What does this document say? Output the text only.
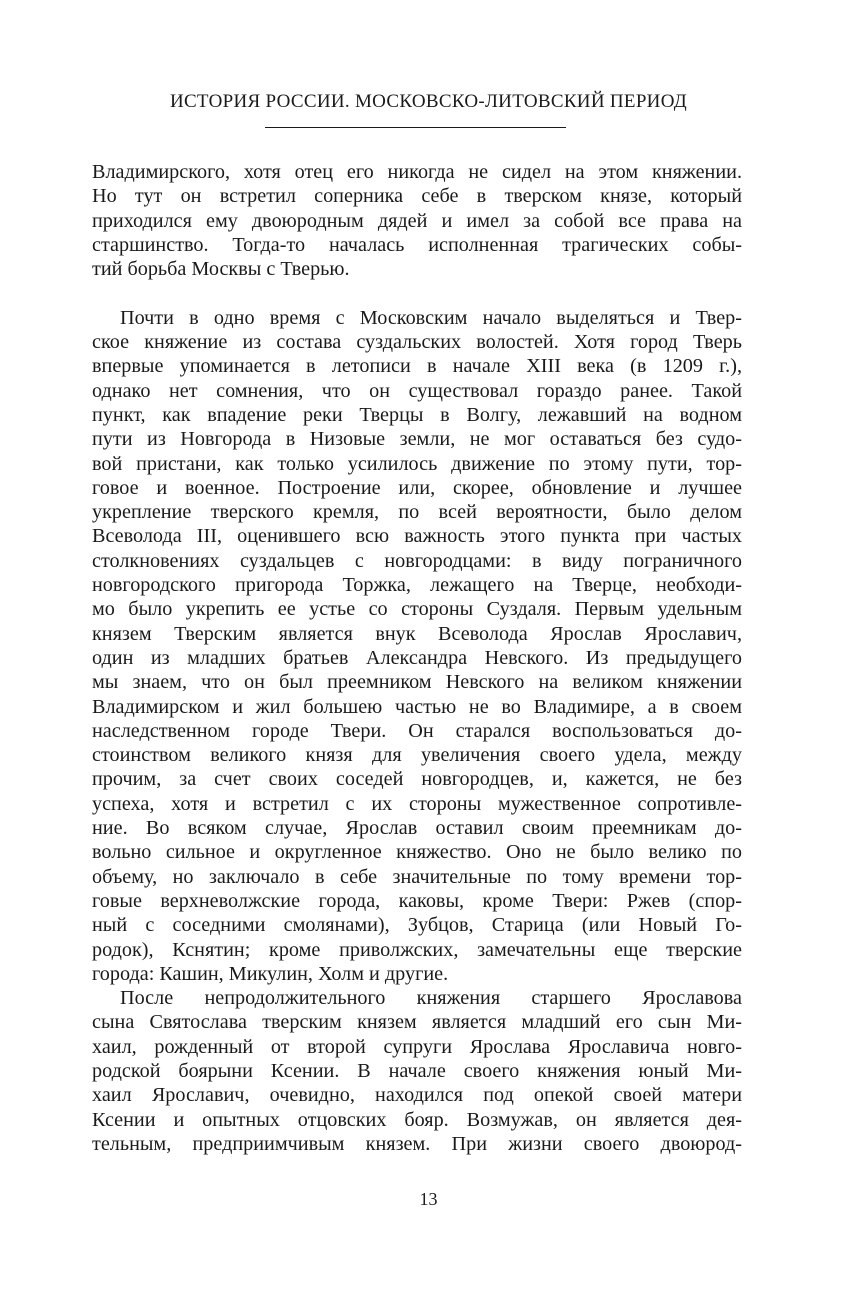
ИСТОРИЯ РОССИИ. МОСКОВСКО-ЛИТОВСКИЙ ПЕРИОД
Владимирского, хотя отец его никогда не сидел на этом княжении.
Но тут он встретил соперника себе в тверском князе, который
приходился ему двоюродным дядей и имел за собой все права на
старшинство. Тогда-то началась исполненная трагических собы-
тий борьба Москвы с Тверью.
Почти в одно время с Московским начало выделяться и Твер-
ское княжение из состава суздальских волостей. Хотя город Тверь
впервые упоминается в летописи в начале XIII века (в 1209 г.),
однако нет сомнения, что он существовал гораздо ранее. Такой
пункт, как впадение реки Тверцы в Волгу, лежавший на водном
пути из Новгорода в Низовые земли, не мог оставаться без судо-
вой пристани, как только усилилось движение по этому пути, тор-
говое и военное. Построение или, скорее, обновление и лучшее
укрепление тверского кремля, по всей вероятности, было делом
Всеволода III, оценившего всю важность этого пункта при частых
столкновениях суздальцев с новгородцами: в виду пограничного
новгородского пригорода Торжка, лежащего на Тверце, необходи-
мо было укрепить ее устье со стороны Суздаля. Первым удельным
князем Тверским является внук Всеволода Ярослав Ярославич,
один из младших братьев Александра Невского. Из предыдущего
мы знаем, что он был преемником Невского на великом княжении
Владимирском и жил большею частью не во Владимире, а в своем
наследственном городе Твери. Он старался воспользоваться до-
стоинством великого князя для увеличения своего удела, между
прочим, за счет своих соседей новгородцев, и, кажется, не без
успеха, хотя и встретил с их стороны мужественное сопротивле-
ние. Во всяком случае, Ярослав оставил своим преемникам до-
вольно сильное и округленное княжество. Оно не было велико по
объему, но заключало в себе значительные по тому времени тор-
говые верхневолжские города, каковы, кроме Твери: Ржев (спор-
ный с соседними смолянами), Зубцов, Старица (или Новый Го-
родок), Кснятин; кроме приволжских, замечательны еще тверские
города: Кашин, Микулин, Холм и другие.
После непродолжительного княжения старшего Ярославова
сына Святослава тверским князем является младший его сын Ми-
хаил, рожденный от второй супруги Ярослава Ярославича новго-
родской боярыни Ксении. В начале своего княжения юный Ми-
хаил Ярославич, очевидно, находился под опекой своей матери
Ксении и опытных отцовских бояр. Возмужав, он является дея-
тельным, предприимчивым князем. При жизни своего двоюрод-
13
